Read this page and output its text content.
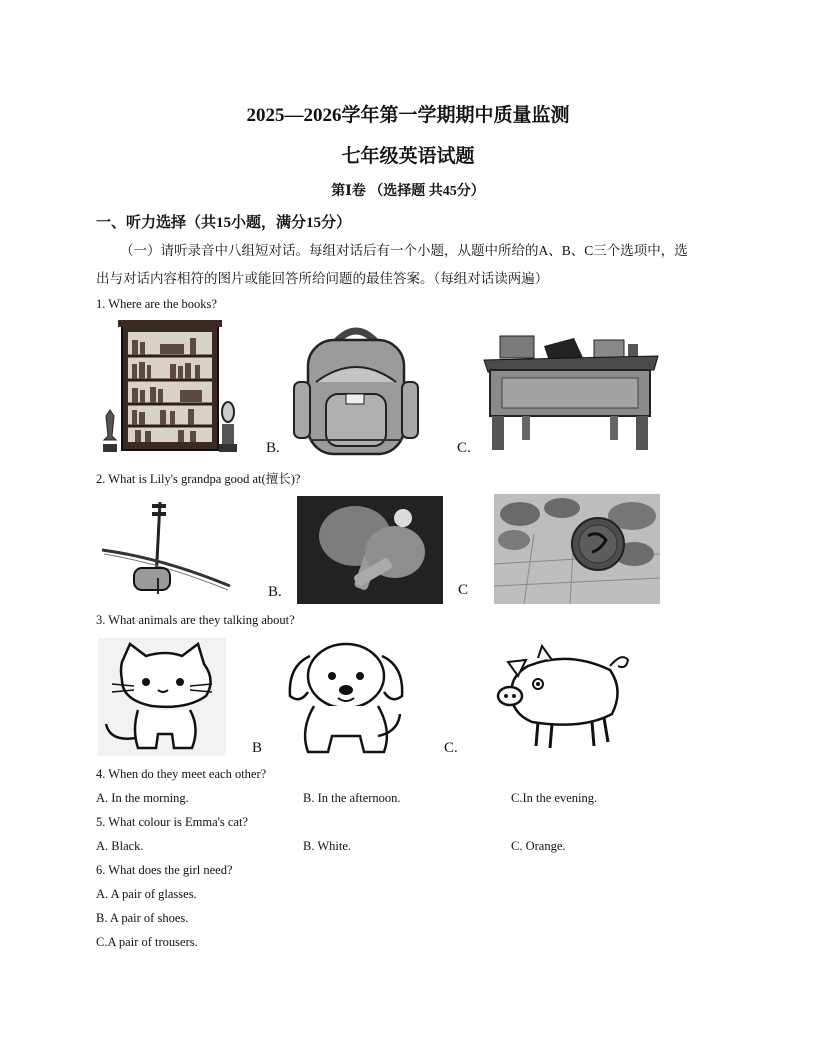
2025—2026学年第一学期期中质量监测
七年级英语试题
第Ⅰ卷 （选择题 共45分）
一、听力选择（共15小题，满分15分）
（一）请听录音中八组短对话。每组对话后有一个小题，从题中所给的A、B、C三个选项中，选
出与对话内容相符的图片或能回答所给问题的最佳答案。（每组对话读两遍）
1. Where are the books?
B.	C.
2. What is Lily's grandpa good at(擅长)?
B.	C
3. What animals are they talking about?
B	C.
4. When do they meet each other?
A. In the morning.	B. In the afternoon.	C.In the evening.
5. What colour is Emma's cat?
A. Black.	B. White.	C. Orange.
6. What does the girl need?
A. A pair of glasses.
B. A pair of shoes.
C.A pair of trousers.
